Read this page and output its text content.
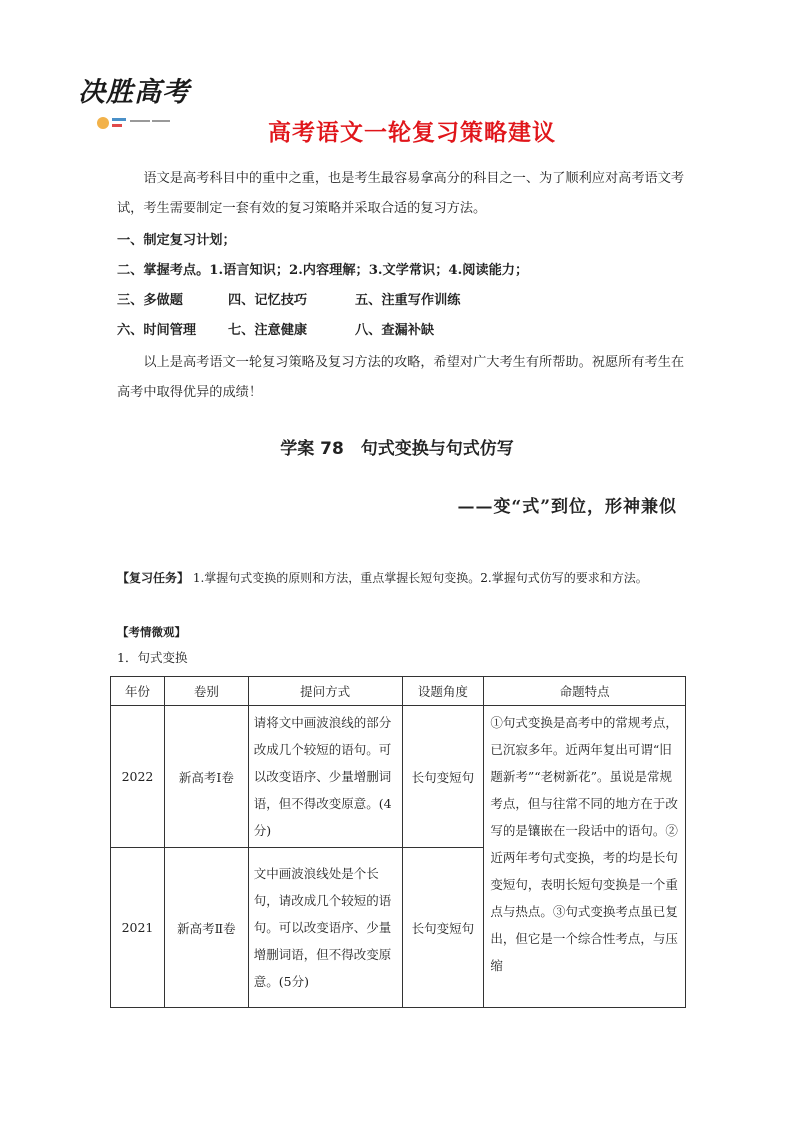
决胜高考
高考语文一轮复习策略建议
语文是高考科目中的重中之重，也是考生最容易拿高分的科目之一、为了顺利应对高考语文考试，考生需要制定一套有效的复习策略并采取合适的复习方法。
一、制定复习计划；
二、掌握考点。1.语言知识；2.内容理解；3.文学常识；4.阅读能力；
三、多做题	四、记忆技巧	五、注重写作训练
六、时间管理 七、注意健康	八、查漏补缺
以上是高考语文一轮复习策略及复习方法的攻略，希望对广大考生有所帮助。祝愿所有考生在高考中取得优异的成绩！
学案 78　句式变换与句式仿写
——变“式”到位，形神兼似
【复习任务】 1.掌握句式变换的原则和方法，重点掌握长短句变换。2.掌握句式仿写的要求和方法。
【考情微观】
1．句式变换
年份	卷别	提问方式	设题角度	命题特点
2022	新高考Ⅰ卷	请将文中画波浪线的部分改成几个较短的语句。可以改变语序、少量增删词语，但不得改变原意。(4分)	长句变短句	①句式变换是高考中的常规考点，已沉寂多年。近两年复出可谓“旧题新考”“老树新花”。虽说是常规考点，但与往常不同的地方在于改写的是镶嵌在一段话中的语句。②近两年考句式变换，考的均是长句变短句，表明长短句变换是一个重点与热点。③句式变换考点虽已复出，但它是一个综合性考点，与压缩
2021	新高考Ⅱ卷	文中画波浪线处是个长句，请改成几个较短的语句。可以改变语序、少量增删词语，但不得改变原意。(5分)	长句变短句	
